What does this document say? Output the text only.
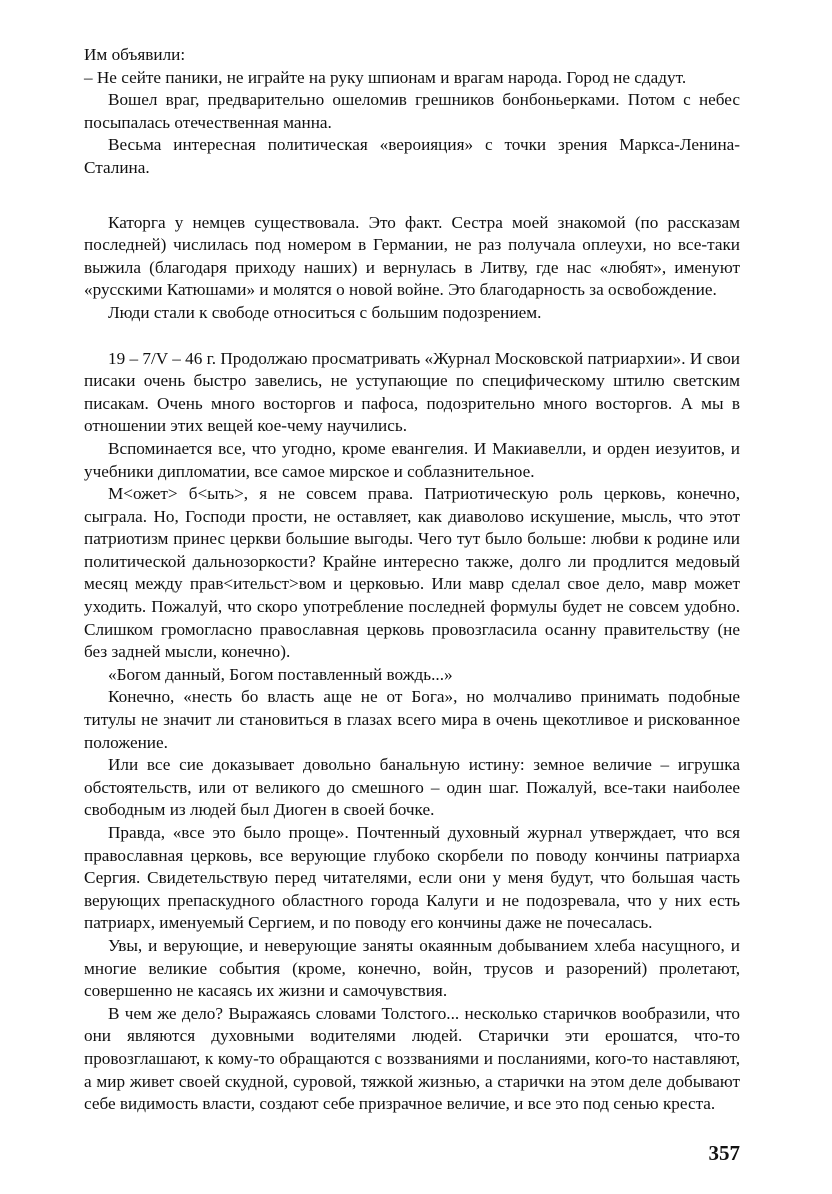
Им объявили:

– Не сейте паники, не играйте на руку шпионам и врагам народа. Город не сдадут.

Вошел враг, предварительно ошеломив грешников бонбоньерками. Потом с небес посыпалась отечественная манна.

Весьма интересная политическая «вероияция» с точки зрения Маркса-Ленина-Сталина.

Каторга у немцев существовала. Это факт. Сестра моей знакомой (по рассказам последней) числилась под номером в Германии, не раз получала оплеухи, но все-таки выжила (благодаря приходу наших) и вернулась в Литву, где нас «любят», именуют «русскими Катюшами» и молятся о новой войне. Это благодарность за освобождение.

Люди стали к свободе относиться с большим подозрением.

19 – 7/V – 46 г. Продолжаю просматривать «Журнал Московской патриархии». И свои писаки очень быстро завелись, не уступающие по специфическому штилю светским писакам. Очень много восторгов и пафоса, подозрительно много восторгов. А мы в отношении этих вещей кое-чему научились.

Вспоминается все, что угодно, кроме евангелия. И Макиавелли, и орден иезуитов, и учебники дипломатии, все самое мирское и соблазнительное.

М<ожет> б<ыть>, я не совсем права. Патриотическую роль церковь, конечно, сыграла. Но, Господи прости, не оставляет, как диаволово искушение, мысль, что этот патриотизм принес церкви большие выгоды. Чего тут было больше: любви к родине или политической дальнозоркости? Крайне интересно также, долго ли продлится медовый месяц между прав<ительст>вом и церковью. Или мавр сделал свое дело, мавр может уходить. Пожалуй, что скоро употребление последней формулы будет не совсем удобно. Слишком громогласно православная церковь провозгласила осанну правительству (не без задней мысли, конечно).

«Богом данный, Богом поставленный вождь...»

Конечно, «несть бо власть аще не от Бога», но молчаливо принимать подобные титулы не значит ли становиться в глазах всего мира в очень щекотливое и рискованное положение.

Или все сие доказывает довольно банальную истину: земное величие – игрушка обстоятельств, или от великого до смешного – один шаг. Пожалуй, все-таки наиболее свободным из людей был Диоген в своей бочке.

Правда, «все это было проще». Почтенный духовный журнал утверждает, что вся православная церковь, все верующие глубоко скорбели по поводу кончины патриарха Сергия. Свидетельствую перед читателями, если они у меня будут, что большая часть верующих препаскудного областного города Калуги и не подозревала, что у них есть патриарх, именуемый Сергием, и по поводу его кончины даже не почесалась.

Увы, и верующие, и неверующие заняты окаянным добыванием хлеба насущного, и многие великие события (кроме, конечно, войн, трусов и разорений) пролетают, совершенно не касаясь их жизни и самочувствия.

В чем же дело? Выражаясь словами Толстого... несколько старичков вообразили, что они являются духовными водителями людей. Старички эти ерошатся, что-то провозглашают, к кому-то обращаются с воззваниями и посланиями, кого-то наставляют, а мир живет своей скудной, суровой, тяжкой жизнью, а старички на этом деле добывают себе видимость власти, создают себе призрачное величие, и все это под сенью креста.

357
